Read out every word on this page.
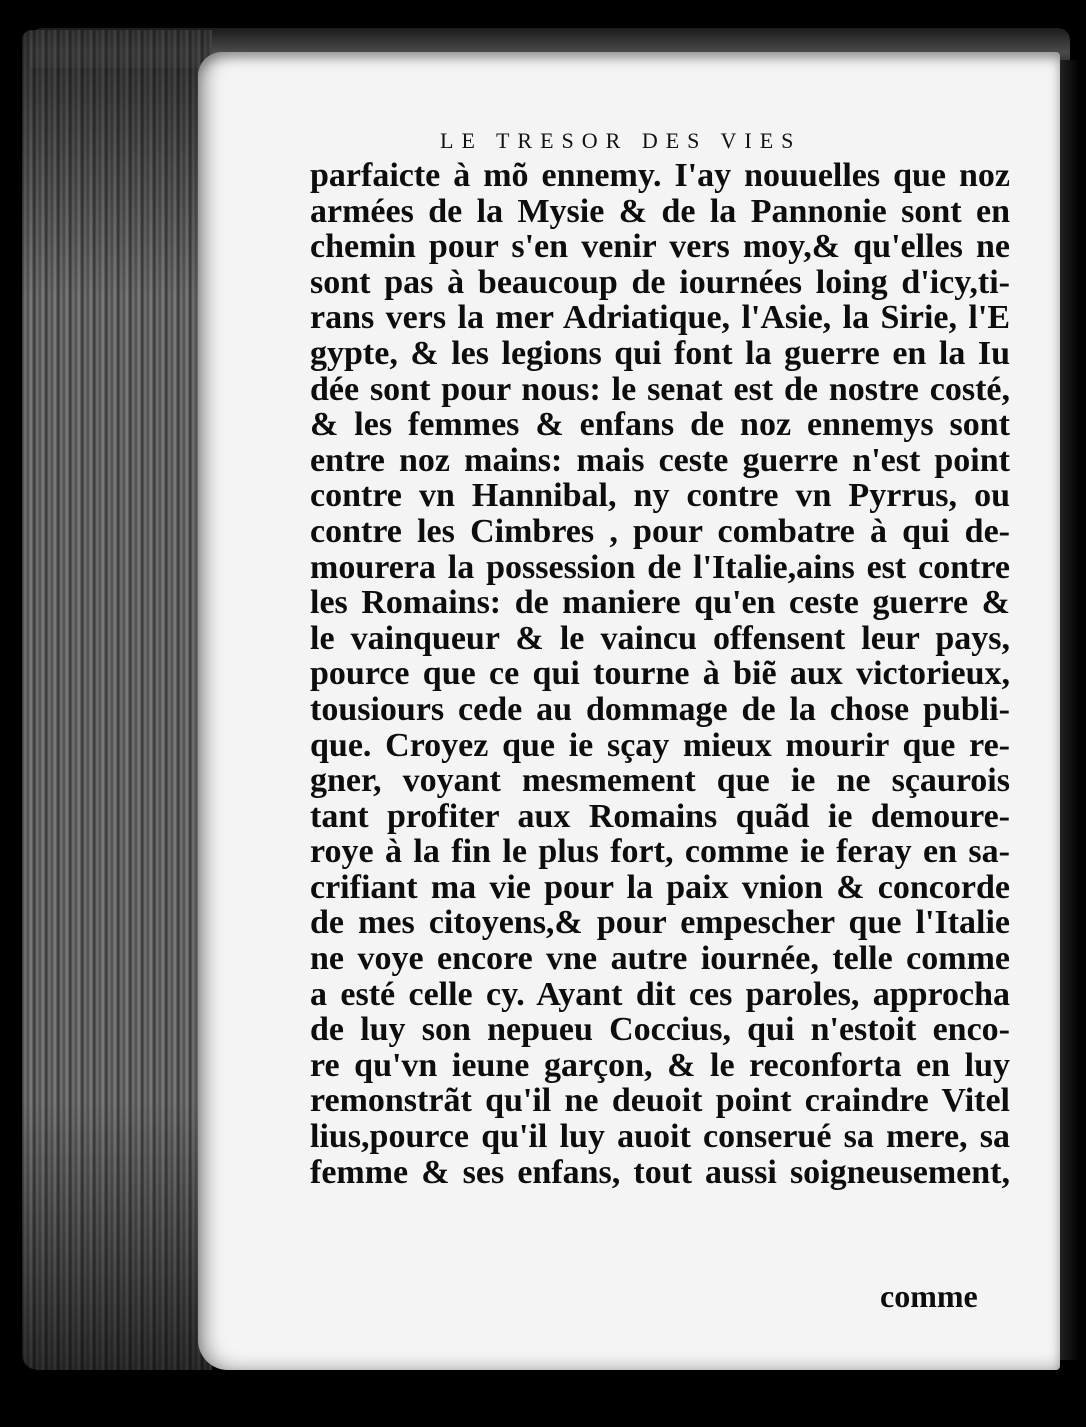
LE TRESOR DES VIES

parfaicte à mõ ennemy. I'ay nouuelles que noz
armées de la Mysie & de la Pannonie sont en
chemin pour s'en venir vers moy,& qu'elles ne
sont pas à beaucoup de iournées loing d'icy,ti-
rans vers la mer Adriatique, l'Asie, la Sirie, l'E
gypte, & les legions qui font la guerre en la Iu
dée sont pour nous: le senat est de nostre costé,
& les femmes & enfans de noz ennemys sont
entre noz mains: mais ceste guerre n'est point
contre vn Hannibal, ny contre vn Pyrrus, ou
contre les Cimbres , pour combatre à qui de-
mourera la possession de l'Italie,ains est contre
les Romains: de maniere qu'en ceste guerre &
le vainqueur & le vaincu offensent leur pays,
pource que ce qui tourne à biẽ aux victorieux,
tousiours cede au dommage de la chose publi-
que. Croyez que ie sçay mieux mourir que re-
gner, voyant mesmement que ie ne sçaurois
tant profiter aux Romains quãd ie demoure-
roye à la fin le plus fort, comme ie feray en sa-
crifiant ma vie pour la paix vnion & concorde
de mes citoyens,& pour empescher que l'Italie
ne voye encore vne autre iournée, telle comme
a esté celle cy. Ayant dit ces paroles, approcha
de luy son nepueu Coccius, qui n'estoit enco-
re qu'vn ieune garçon, & le reconforta en luy
remonstrãt qu'il ne deuoit point craindre Vitel
lius,pource qu'il luy auoit conserué sa mere, sa
femme & ses enfans, tout aussi soigneusement,

comme
